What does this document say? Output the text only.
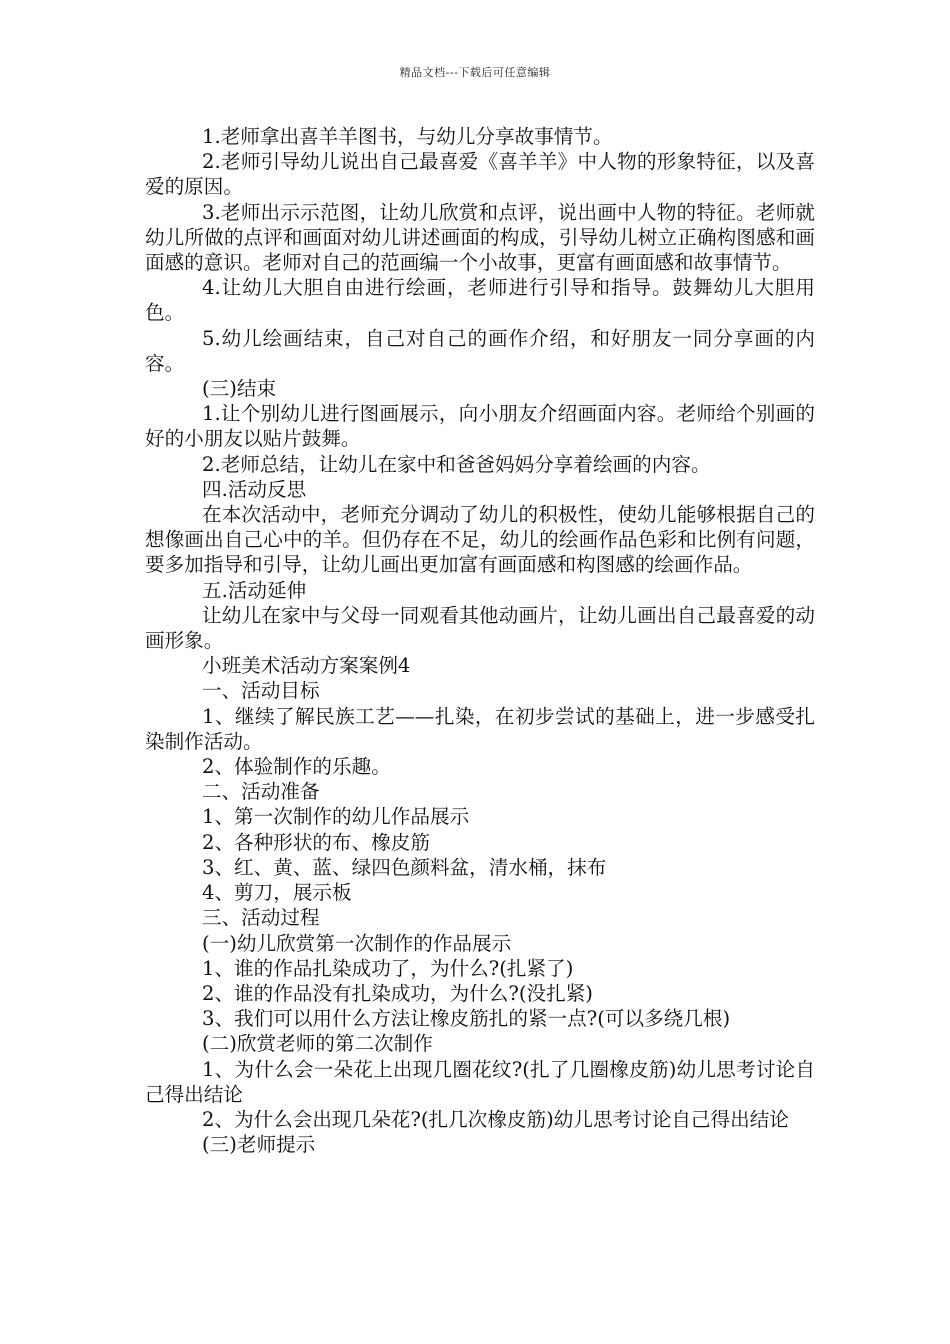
精品文档---下载后可任意编辑

1.老师拿出喜羊羊图书，与幼儿分享故事情节。

2.老师引导幼儿说出自己最喜爱《喜羊羊》中人物的形象特征，以及喜爱的原因。

3.老师出示示范图，让幼儿欣赏和点评，说出画中人物的特征。老师就幼儿所做的点评和画面对幼儿讲述画面的构成，引导幼儿树立正确构图感和画面感的意识。老师对自己的范画编一个小故事，更富有画面感和故事情节。

4.让幼儿大胆自由进行绘画，老师进行引导和指导。鼓舞幼儿大胆用色。

5.幼儿绘画结束，自己对自己的画作介绍，和好朋友一同分享画的内容。

(三)结束

1.让个别幼儿进行图画展示，向小朋友介绍画面内容。老师给个别画的好的小朋友以贴片鼓舞。

2.老师总结，让幼儿在家中和爸爸妈妈分享着绘画的内容。

四.活动反思

在本次活动中，老师充分调动了幼儿的积极性，使幼儿能够根据自己的想像画出自己心中的羊。但仍存在不足，幼儿的绘画作品色彩和比例有问题，要多加指导和引导，让幼儿画出更加富有画面感和构图感的绘画作品。

五.活动延伸

让幼儿在家中与父母一同观看其他动画片，让幼儿画出自己最喜爱的动画形象。

小班美术活动方案案例4

一、活动目标

1、继续了解民族工艺——扎染，在初步尝试的基础上，进一步感受扎染制作活动。

2、体验制作的乐趣。

二、活动准备

1、第一次制作的幼儿作品展示

2、各种形状的布、橡皮筋

3、红、黄、蓝、绿四色颜料盆，清水桶，抹布

4、剪刀，展示板

三、活动过程

(一)幼儿欣赏第一次制作的作品展示

1、谁的作品扎染成功了，为什么?(扎紧了)

2、谁的作品没有扎染成功，为什么?(没扎紧)

3、我们可以用什么方法让橡皮筋扎的紧一点?(可以多绕几根)

(二)欣赏老师的第二次制作

1、为什么会一朵花上出现几圈花纹?(扎了几圈橡皮筋)幼儿思考讨论自己得出结论

2、为什么会出现几朵花?(扎几次橡皮筋)幼儿思考讨论自己得出结论

(三)老师提示
